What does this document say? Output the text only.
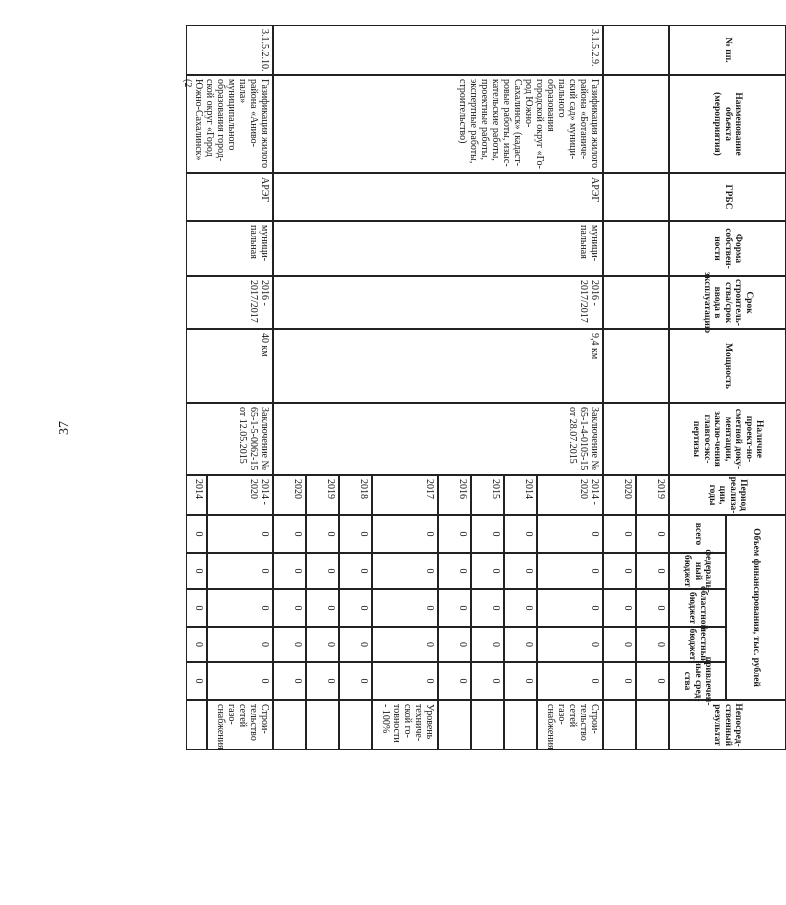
37
№ пп.
Наименование объекта (мероприятия)
ГРБС
Форма собствен-ности
Срок строитель-ства/срок ввода в эксплуатацию
Мощность
Наличие проект-но-сметной доку-ментации, заклю-чения главгосэкс-пертизы
Период реализа-ции, годы
Непосред-ственный результат
Объем финансирования, тыс. рублей
всего
федераль-ный бюджет
областной бюджет
местный бюджет
привлечен-ные сред-ства
3.1.5.2.9.
Газификация жилого района «Ботаниче-ский сад» муници-пального образования городской округ «Го-род Южно-Сахалинск» (кадаст-ровые работы, изыс-кательские работы, проектные работы, экспертные работы, строительство)
АРЭГ
муници-пальная
2016 - 2017/2017
9,4 км
Заключение № 65-1-4-0105-15 от 28.07.2015
3.1.5.2.10.
Газификация жилого района «Аниво-пала» муниципального образования город-ской округ «Город Южно-Сахалинск» (2
АРЭГ
муници-пальная
2016 - 2017/2017
40 км
Заключение № 65-1-5-0062-15 от 12.05.2015
2019
0
0
0
0
0
2020
0
0
0
0
0
2014 - 2020
0
0
0
0
0
Строи-тельство сетей газо-снабжения
2014
0
0
0
0
0
2015
0
0
0
0
0
2016
0
0
0
0
0
2017
0
0
0
0
0
Уровень техниче-ской го-товности - 100%
2018
0
0
0
0
0
2019
0
0
0
0
0
2020
0
0
0
0
0
2014 - 2020
0
0
0
0
0
Строи-тельство сетей газо-снабжения
2014
0
0
0
0
0
